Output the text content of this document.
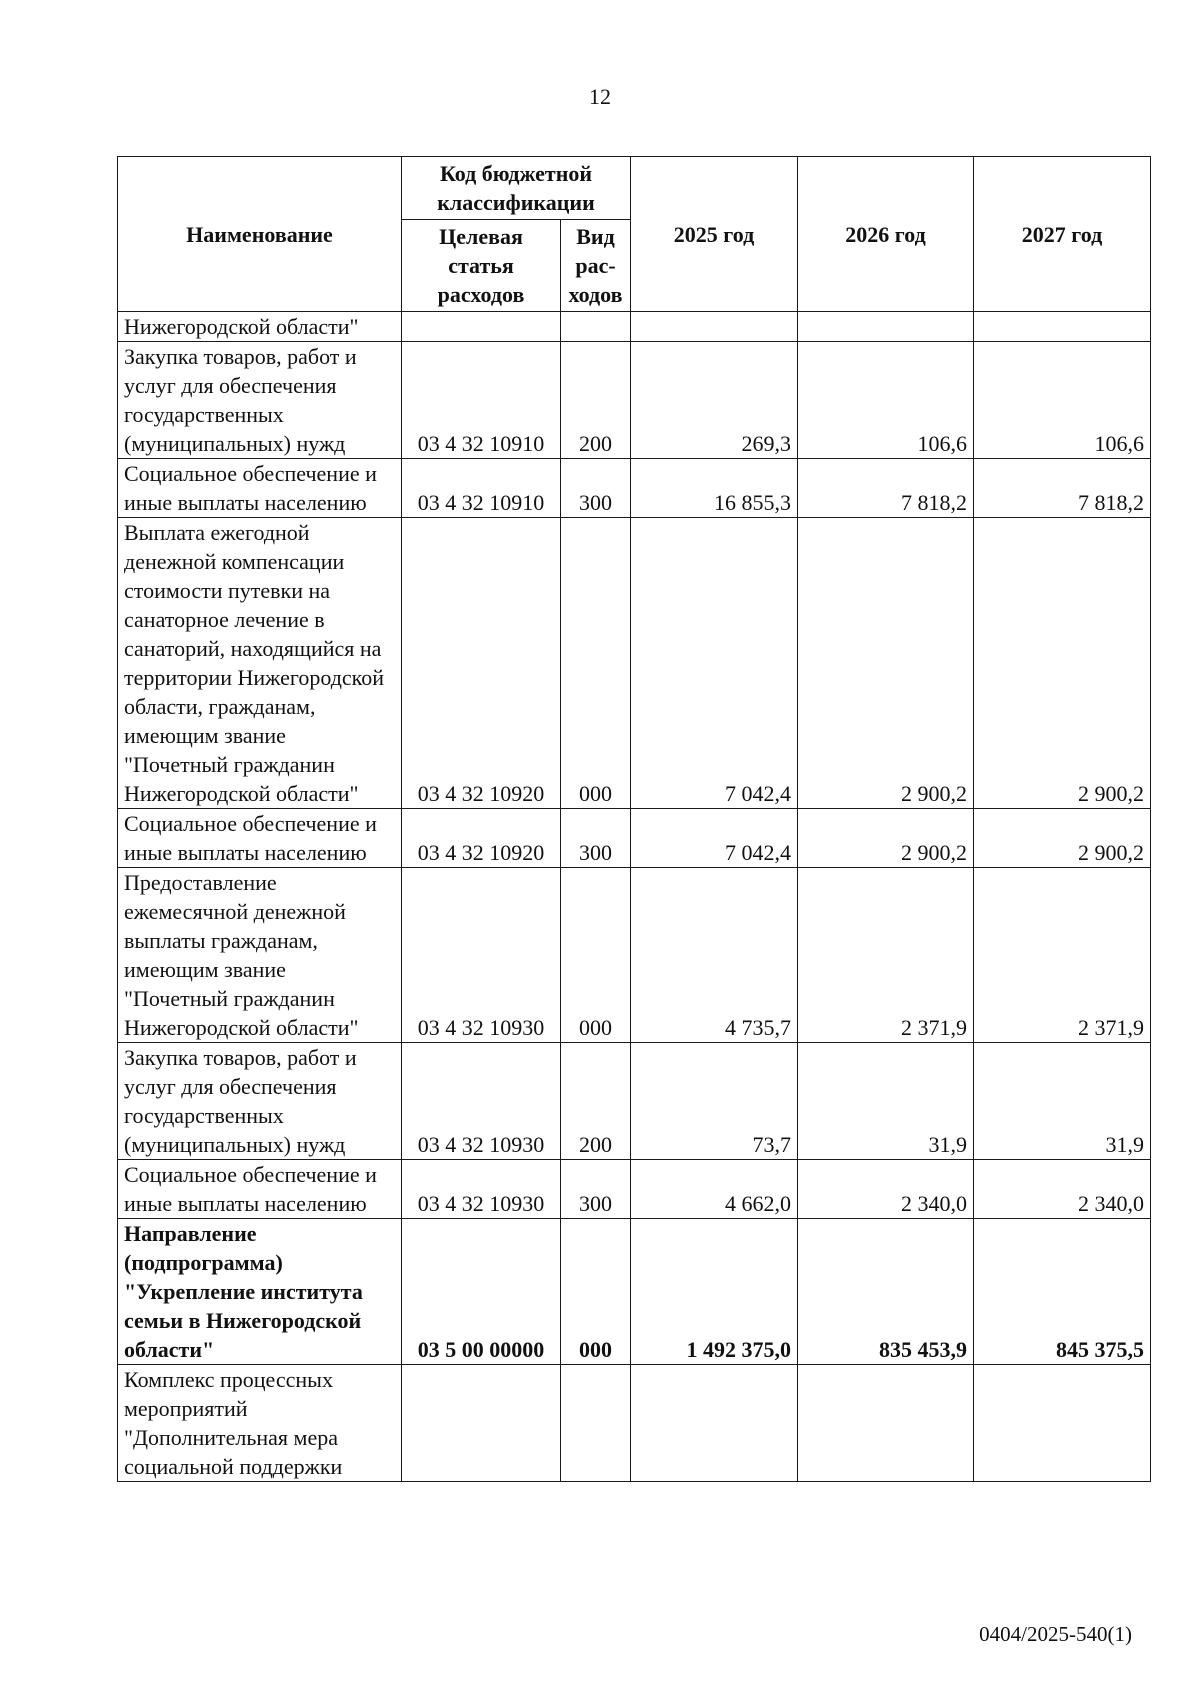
12
Наименование	Код бюджетной классификации		2025 год	2026 год	2027 год
	Целевая статья расходов	Вид рас-ходов			
Нижегородской области"					
Закупка товаров, работ и услуг для обеспечения государственных (муниципальных) нужд	03 4 32 10910	200	269,3	106,6	106,6
Социальное обеспечение и иные выплаты населению	03 4 32 10910	300	16 855,3	7 818,2	7 818,2
Выплата ежегодной денежной компенсации стоимости путевки на санаторное лечение в санаторий, находящийся на территории Нижегородской области, гражданам, имеющим звание "Почетный гражданин Нижегородской области"	03 4 32 10920	000	7 042,4	2 900,2	2 900,2
Социальное обеспечение и иные выплаты населению	03 4 32 10920	300	7 042,4	2 900,2	2 900,2
Предоставление ежемесячной денежной выплаты гражданам, имеющим звание "Почетный гражданин Нижегородской области"	03 4 32 10930	000	4 735,7	2 371,9	2 371,9
Закупка товаров, работ и услуг для обеспечения государственных (муниципальных) нужд	03 4 32 10930	200	73,7	31,9	31,9
Социальное обеспечение и иные выплаты населению	03 4 32 10930	300	4 662,0	2 340,0	2 340,0
Направление (подпрограмма) "Укрепление института семьи в Нижегородской области"	03 5 00 00000	000	1 492 375,0	835 453,9	845 375,5
Комплекс процессных мероприятий "Дополнительная мера социальной поддержки					
0404/2025-540(1)
